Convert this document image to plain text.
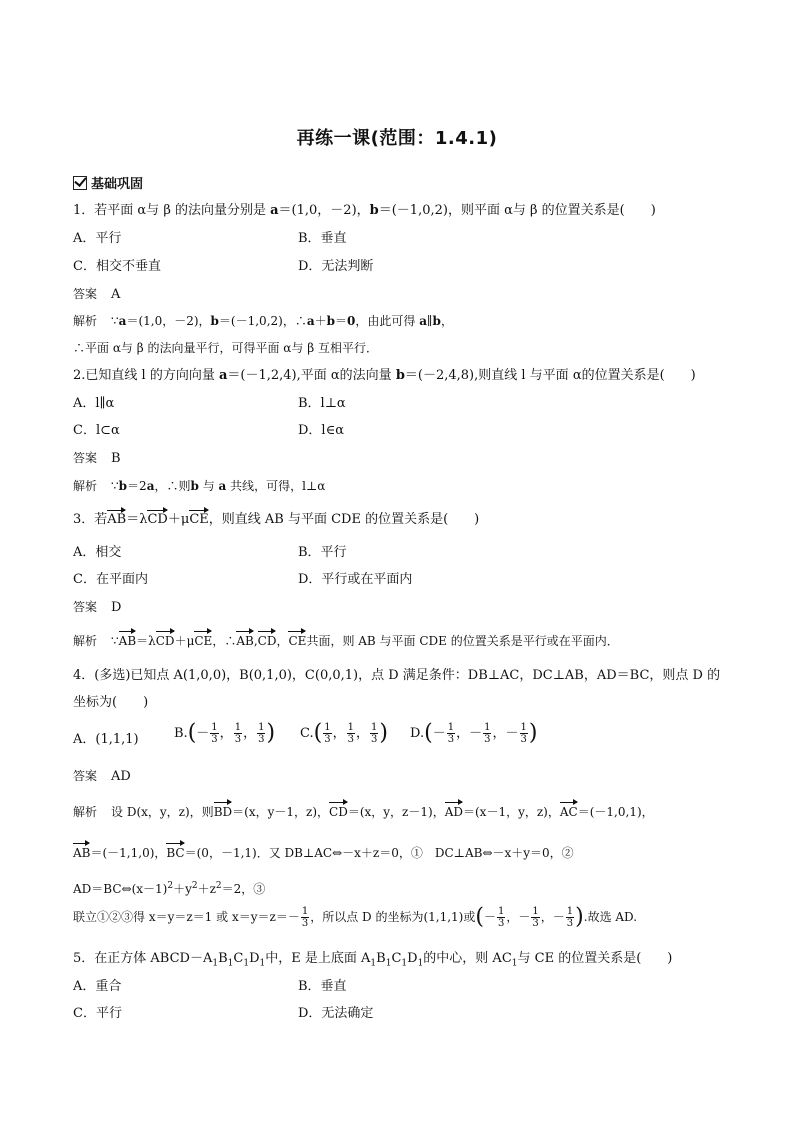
再练一课(范围：1.4.1)
基础巩固
1．若平面 α与 β 的法向量分别是 a＝(1,0，－2)，b＝(－1,0,2)，则平面 α与 β 的位置关系是(　　)
A．平行	B．垂直
C．相交不垂直	D．无法判断
答案 A
解析 ∵a＝(1,0，－2)，b＝(－1,0,2)，∴a＋b＝0，由此可得 a∥b，
∴平面 α与 β 的法向量平行，可得平面 α与 β 互相平行．
2.已知直线 l 的方向向量 a＝(－1,2,4),平面 α的法向量 b＝(－2,4,8),则直线 l 与平面 α的位置关系是(　　)
A．l∥α	B．l⊥α
C．l⊂α	D．l∈α
答案 B
解析 ∵b＝2a，∴则b 与 a 共线，可得，l⊥α
3．若AB＝λCD＋μCE，则直线 AB 与平面 CDE 的位置关系是(　　)
A．相交	B．平行
C．在平面内	D．平行或在平面内
答案 D
解析 ∵AB＝λCD＋μCE，∴AB,CD，CE共面，则 AB 与平面 CDE 的位置关系是平行或在平面内．
4．(多选)已知点 A(1,0,0)，B(0,1,0)，C(0,0,1)，点 D 满足条件：DB⊥AC，DC⊥AB，AD＝BC，则点 D 的
坐标为(　　)
A．(1,1,1)	$B.(- \frac{1}{3}$ ， $\frac{1}{3}$ ， $\frac{1}{3}$ ) $C.( \frac{1}{3}$ ， $\frac{1}{3}$ ， $\frac{1}{3}$ ) $D.(- \frac{1}{3}$ ，－ $\frac{1}{3}$ ，－ $\frac{1}{3}$ )
答案 AD
解析 设 D(x，y，z)，则BD＝(x，y－1，z)，CD＝(x，y，z－1)，AD＝(x－1，y，z)，AC＝(－1,0,1)，
AB＝(－1,1,0)，BC＝(0，－1,1)．又 DB⊥AC⇔－x＋z＝0，①　DC⊥AB⇔－x＋y＝0，②
$AD=BC\Leftrightarrow(x-1)^2+y^2+z^2=2$，③
联立①②③得 x＝y＝z＝1 或 $x=y=z=- \frac{1}{3}$ ，所以点 D 的坐标为(1,1,1)或(－ $\frac{1}{3}$ ，－ $\frac{1}{3}$ ，－ $\frac{1}{3}$ ).故选 AD.
5．在正方体 $ABCD-A_1B_1C_1D_1$中，E 是上底面 $A_1B_1C_1D_1$的中心，则 $AC_1$与 CE 的位置关系是(　　)
A．重合	B．垂直
C．平行	D．无法确定
